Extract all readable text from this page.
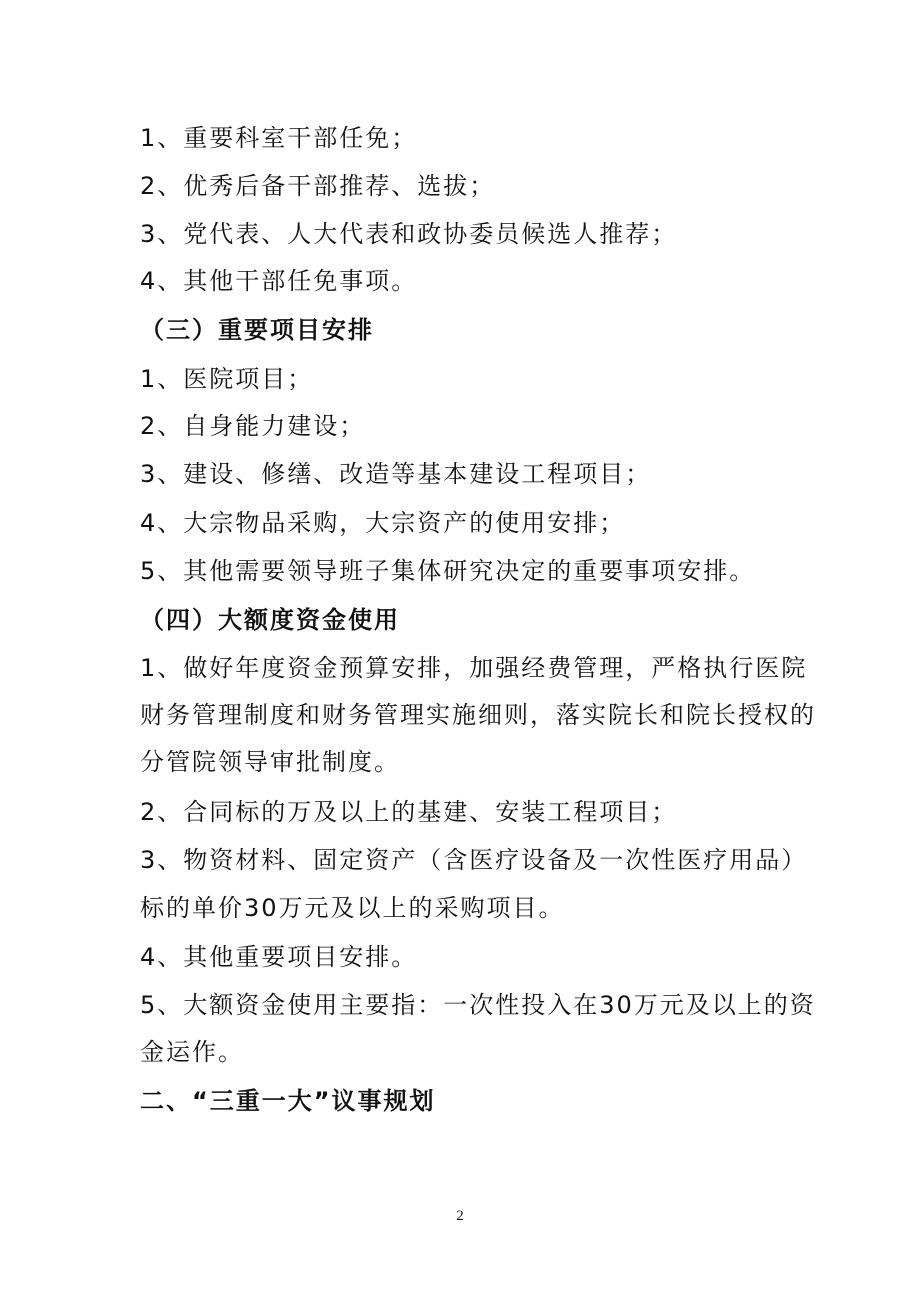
1、重要科室干部任免；
2、优秀后备干部推荐、选拔；
3、党代表、人大代表和政协委员候选人推荐；
4、其他干部任免事项。
（三）重要项目安排
1、医院项目；
2、自身能力建设；
3、建设、修缮、改造等基本建设工程项目；
4、大宗物品采购，大宗资产的使用安排；
5、其他需要领导班子集体研究决定的重要事项安排。
（四）大额度资金使用
1、做好年度资金预算安排，加强经费管理，严格执行医院
财务管理制度和财务管理实施细则，落实院长和院长授权的
分管院领导审批制度。
2、合同标的万及以上的基建、安装工程项目；
3、物资材料、固定资产（含医疗设备及一次性医疗用品）
标的单价30万元及以上的采购项目。
4、其他重要项目安排。
5、大额资金使用主要指：一次性投入在30万元及以上的资
金运作。
二、“三重一大”议事规划
2
